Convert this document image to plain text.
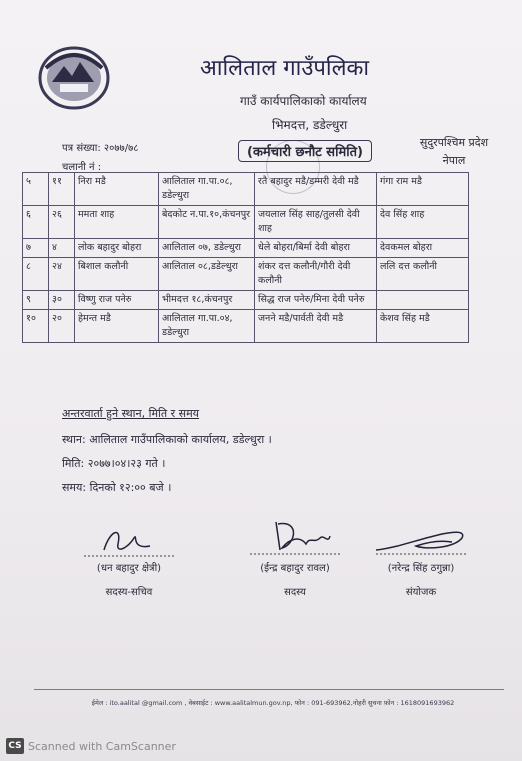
आलिताल गाउँपलिका
गाउँ कार्यपालिकाको कार्यालय
भिमदत्त, डडेल्धुरा
(कर्मचारी छनौट समिति)
सुदुरपश्चिम प्रदेश
नेपाल
पत्र संख्या: २०७७/७८
चलानी नं :
५	११	निरा मडै	आलिताल गा.पा.०८, डडेल्धुरा	रतै बहादुर मडै/डम्मरी देवी मडै	गंगा राम मडै
६	२६	ममता शाह	बेदकोट न.पा.१०,कंचनपुर	जयलाल सिंह साह/तुलसी देवी शाह	देव सिंह शाह
७	४	लोक बहादुर बोहरा	आलिताल ०७, डडेल्धुरा	धेले बोहरा/बिर्मा देवी बोहरा	देवकमल बोहरा
८	२४	बिशाल कलौनी	आलिताल ०८,डडेल्धुरा	शंकर दत्त कलौनी/गौरी देवी कलौनी	ललि दत्त कलौनी
९	३०	विष्णु राज पनेरु	भीमदत्त १८,कंचनपुर	सिद्ध राज पनेरु/मिना देवी पनेरु	
१०	२०	हेमन्त मडै	आलिताल गा.पा.०४, डडेल्धुरा	जनने मडै/पार्वती देवी मडै	केशव सिंह मडै
अन्तरवार्ता हुने स्थान, मिति र समय
स्थान: आलिताल गाउँपालिकाको कार्यालय, डडेल्धुरा ।
मिति: २०७७।०४।२३ गते ।
समय: दिनको १२:०० बजे ।
(धन बहादुर क्षेत्री)
सदस्य-सचिव
(ईन्द्र बहादुर रावल)
सदस्य
(नरेन्द्र सिंह ठगुन्ना)
संयोजक
ईमेल : ito.aalital @gmail.com , वेबसाईट : www.aalitalmun.gov.np, फोन : 091-693962,नोहरी सुचना फ़ोन : 1618091693962
CS Scanned with CamScanner
